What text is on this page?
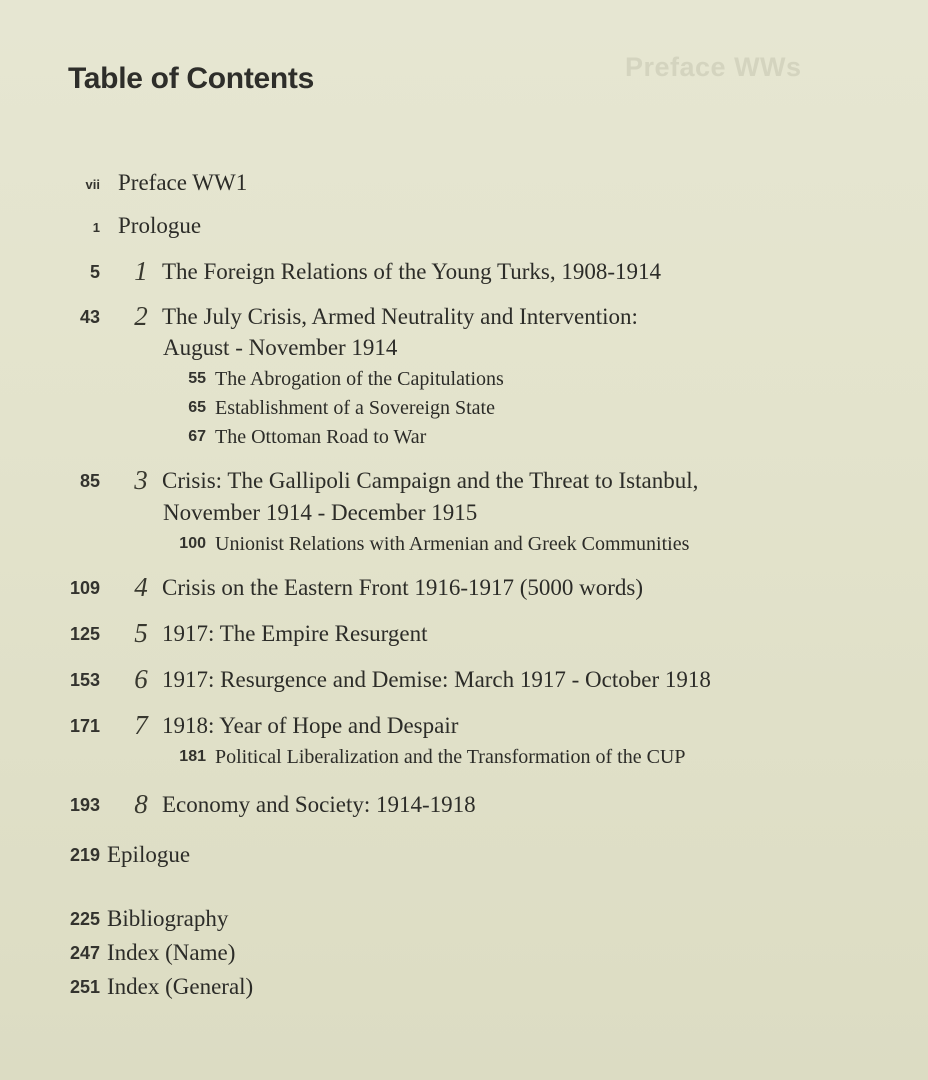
Preface WWs
Table of Contents
vii Preface WW1
1 Prologue
5 1 The Foreign Relations of the Young Turks, 1908-1914
43 2 The July Crisis, Armed Neutrality and Intervention:
August - November 1914
55 The Abrogation of the Capitulations
65 Establishment of a Sovereign State
67 The Ottoman Road to War
85 3 Crisis: The Gallipoli Campaign and the Threat to Istanbul,
November 1914 - December 1915
100 Unionist Relations with Armenian and Greek Communities
109 4 Crisis on the Eastern Front 1916-1917 (5000 words)
125 5 1917: The Empire Resurgent
153 6 1917: Resurgence and Demise: March 1917 - October 1918
171 7 1918: Year of Hope and Despair
181 Political Liberalization and the Transformation of the CUP
193 8 Economy and Society: 1914-1918
219 Epilogue
225 Bibliography
247 Index (Name)
251 Index (General)
